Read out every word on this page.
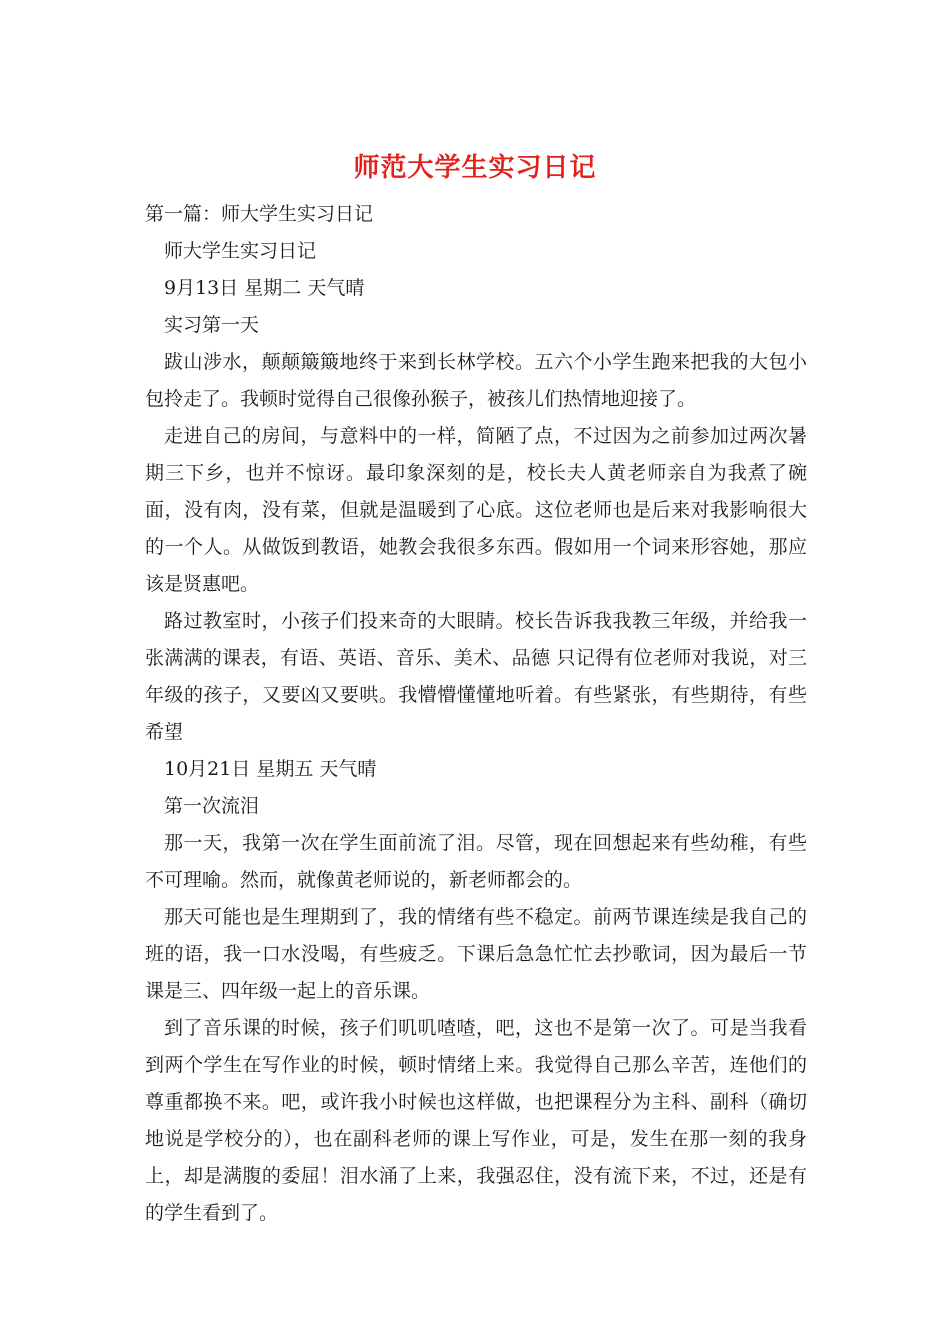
师范大学生实习日记

第一篇：师大学生实习日记

师大学生实习日记

9月13日 星期二 天气晴

实习第一天

跋山涉水，颠颠簸簸地终于来到长林学校。五六个小学生跑来把我的大包小包拎走了。我顿时觉得自己很像孙猴子，被孩儿们热情地迎接了。

走进自己的房间，与意料中的一样，简陋了点，不过因为之前参加过两次暑期三下乡，也并不惊讶。最印象深刻的是，校长夫人黄老师亲自为我煮了碗面，没有肉，没有菜，但就是温暖到了心底。这位老师也是后来对我影响很大的一个人。从做饭到教语，她教会我很多东西。假如用一个词来形容她，那应该是贤惠吧。

路过教室时，小孩子们投来奇的大眼睛。校长告诉我我教三年级，并给我一张满满的课表，有语、英语、音乐、美术、品德 只记得有位老师对我说，对三年级的孩子，又要凶又要哄。我懵懵懂懂地听着。有些紧张，有些期待，有些希望

10月21日 星期五 天气晴

第一次流泪

那一天，我第一次在学生面前流了泪。尽管，现在回想起来有些幼稚，有些不可理喻。然而，就像黄老师说的，新老师都会的。

那天可能也是生理期到了，我的情绪有些不稳定。前两节课连续是我自己的班的语，我一口水没喝，有些疲乏。下课后急急忙忙去抄歌词，因为最后一节课是三、四年级一起上的音乐课。

到了音乐课的时候，孩子们叽叽喳喳，吧，这也不是第一次了。可是当我看到两个学生在写作业的时候，顿时情绪上来。我觉得自己那么辛苦，连他们的尊重都换不来。吧，或许我小时候也这样做，也把课程分为主科、副科（确切地说是学校分的），也在副科老师的课上写作业，可是，发生在那一刻的我身上，却是满腹的委屈！泪水涌了上来，我强忍住，没有流下来，不过，还是有的学生看到了。
